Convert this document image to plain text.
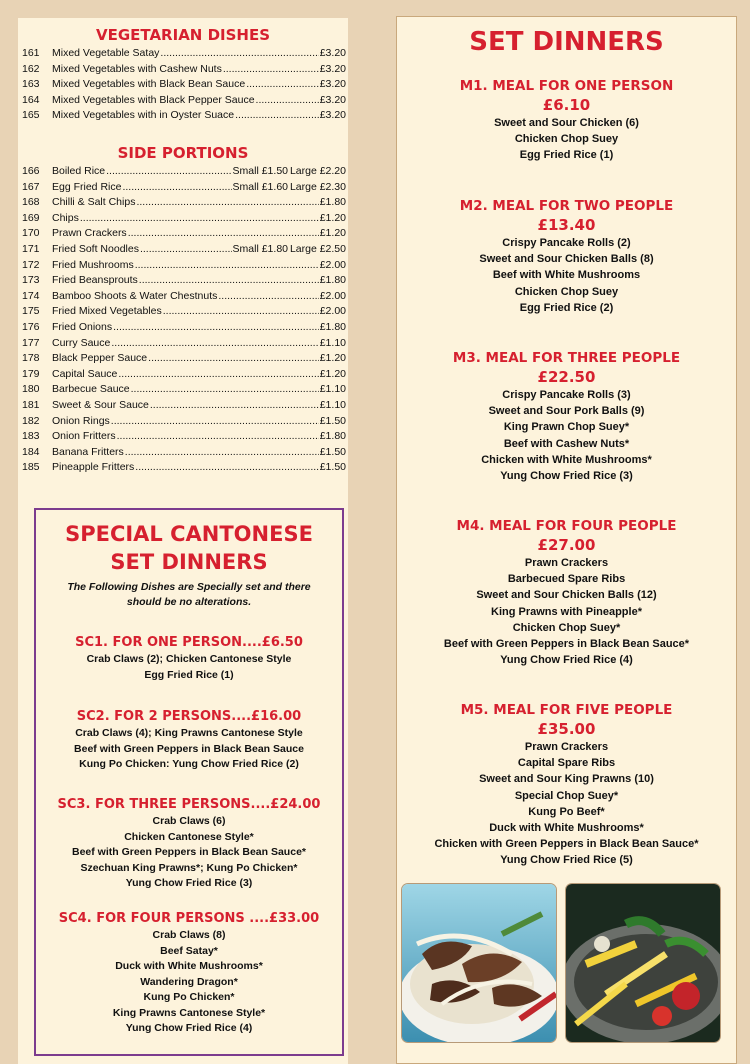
VEGETARIAN DISHES
161	Mixed Vegetable Satay .....	£3.20
162	Mixed Vegetables with Cashew Nuts .....	£3.20
163	Mixed Vegetables with Black Bean Sauce .....	£3.20
164	Mixed Vegetables with Black Pepper Sauce .....	£3.20
165	Mixed Vegetables with in Oyster Suace .....	£3.20
SIDE PORTIONS
166	Boiled Rice .....	Small £1.50 Large £2.20
167	Egg Fried Rice .....	Small £1.60 Large £2.30
168	Chilli & Salt Chips .....	£1.80
169	Chips .....	£1.20
170	Prawn Crackers .....	£1.20
171	Fried Soft Noodles .....	Small £1.80 Large £2.50
172	Fried Mushrooms .....	£2.00
173	Fried Beansprouts .....	£1.80
174	Bamboo Shoots & Water Chestnuts .....	£2.00
175	Fried Mixed Vegetables .....	£2.00
176	Fried Onions .....	£1.80
177	Curry Sauce .....	£1.10
178	Black Pepper Sauce .....	£1.20
179	Capital Sauce .....	£1.20
180	Barbecue Sauce .....	£1.10
181	Sweet & Sour Sauce .....	£1.10
182	Onion Rings .....	£1.50
183	Onion Fritters .....	£1.80
184	Banana Fritters .....	£1.50
185	Pineapple Fritters .....	£1.50
SPECIAL CANTONESE
SET DINNERS
The Following Dishes are Specially set and there
should be no alterations.
SC1. FOR ONE PERSON....£6.50
Crab Claws (2); Chicken Cantonese Style
Egg Fried Rice (1)
SC2. FOR 2 PERSONS....£16.00
Crab Claws (4); King Prawns Cantonese Style
Beef with Green Peppers in Black Bean Sauce
Kung Po Chicken: Yung Chow Fried Rice (2)
SC3. FOR THREE PERSONS....£24.00
Crab Claws (6)
Chicken Cantonese Style*
Beef with Green Peppers in Black Bean Sauce*
Szechuan King Prawns*; Kung Po Chicken*
Yung Chow Fried Rice (3)
SC4. FOR FOUR PERSONS ....£33.00
Crab Claws (8)
Beef Satay*
Duck with White Mushrooms*
Wandering Dragon*
Kung Po Chicken*
King Prawns Cantonese Style*
Yung Chow Fried Rice (4)
SET DINNERS
M1. MEAL FOR ONE PERSON
£6.10
Sweet and Sour Chicken (6)
Chicken Chop Suey
Egg Fried Rice (1)
M2. MEAL FOR TWO PEOPLE
£13.40
Crispy Pancake Rolls (2)
Sweet and Sour Chicken Balls (8)
Beef with White Mushrooms
Chicken Chop Suey
Egg Fried Rice (2)
M3. MEAL FOR THREE PEOPLE
£22.50
Crispy Pancake Rolls (3)
Sweet and Sour Pork Balls (9)
King Prawn Chop Suey*
Beef with Cashew Nuts*
Chicken with White Mushrooms*
Yung Chow Fried Rice (3)
M4. MEAL FOR FOUR PEOPLE
£27.00
Prawn Crackers
Barbecued Spare Ribs
Sweet and Sour Chicken Balls (12)
King Prawns with Pineapple*
Chicken Chop Suey*
Beef with Green Peppers in Black Bean Sauce*
Yung Chow Fried Rice (4)
M5. MEAL FOR FIVE PEOPLE
£35.00
Prawn Crackers
Capital Spare Ribs
Sweet and Sour King Prawns (10)
Special Chop Suey*
Kung Po Beef*
Duck with White Mushrooms*
Chicken with Green Peppers in Black Bean Sauce*
Yung Chow Fried Rice (5)
